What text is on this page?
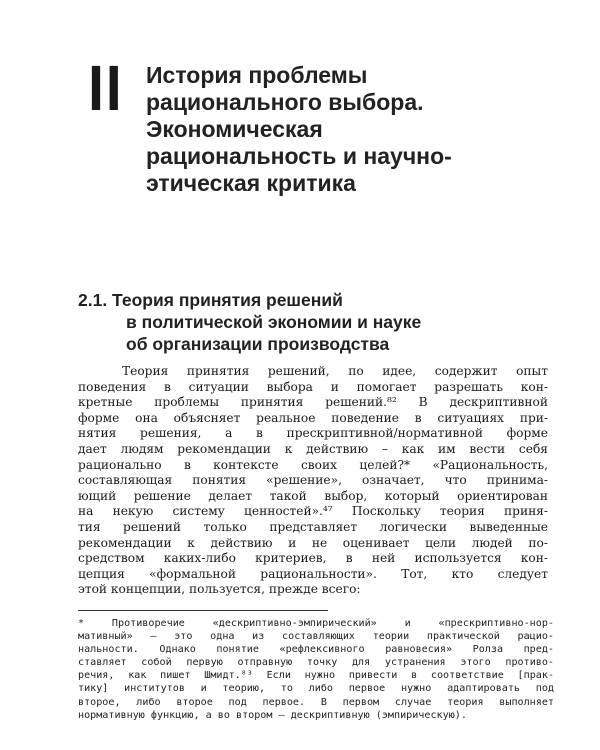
II История проблемы
рационального выбора.
Экономическая
рациональность и научно-
этическая критика
2.1. Теория принятия решений
в политической экономии и науке
об организации производства
Теория принятия решений, по идее, содержит опыт
поведения в ситуации выбора и помогает разрешать кон-
кретные проблемы принятия решений.⁸² В дескриптивной
форме она объясняет реальное поведение в ситуациях при-
нятия решения, а в прескриптивной/нормативной форме
дает людям рекомендации к действию – как им вести себя
рационально в контексте своих целей?* «Рациональность,
составляющая понятия «решение», означает, что принима-
ющий решение делает такой выбор, который ориентирован
на некую систему ценностей».⁴⁷ Поскольку теория приня-
тия решений только представляет логически выведенные
рекомендации к действию и не оценивает цели людей по-
средством каких-либо критериев, в ней используется кон-
цепция «формальной рациональности». Тот, кто следует
этой концепции, пользуется, прежде всего:
* Противоречие «дескриптивно-эмпирический» и «прескриптивно-нор-
мативный» – это одна из составляющих теории практической рацио-
нальности. Однако понятие «рефлексивного равновесия» Ролза пред-
ставляет собой первую отправную точку для устранения этого противо-
речия, как пишет Шмидт.⁸³ Если нужно привести в соответствие [прак-
тику] институтов и теорию, то либо первое нужно адаптировать под
второе, либо второе под первое. В первом случае теория выполняет
нормативную функцию, а во втором – дескриптивную (эмпирическую).
